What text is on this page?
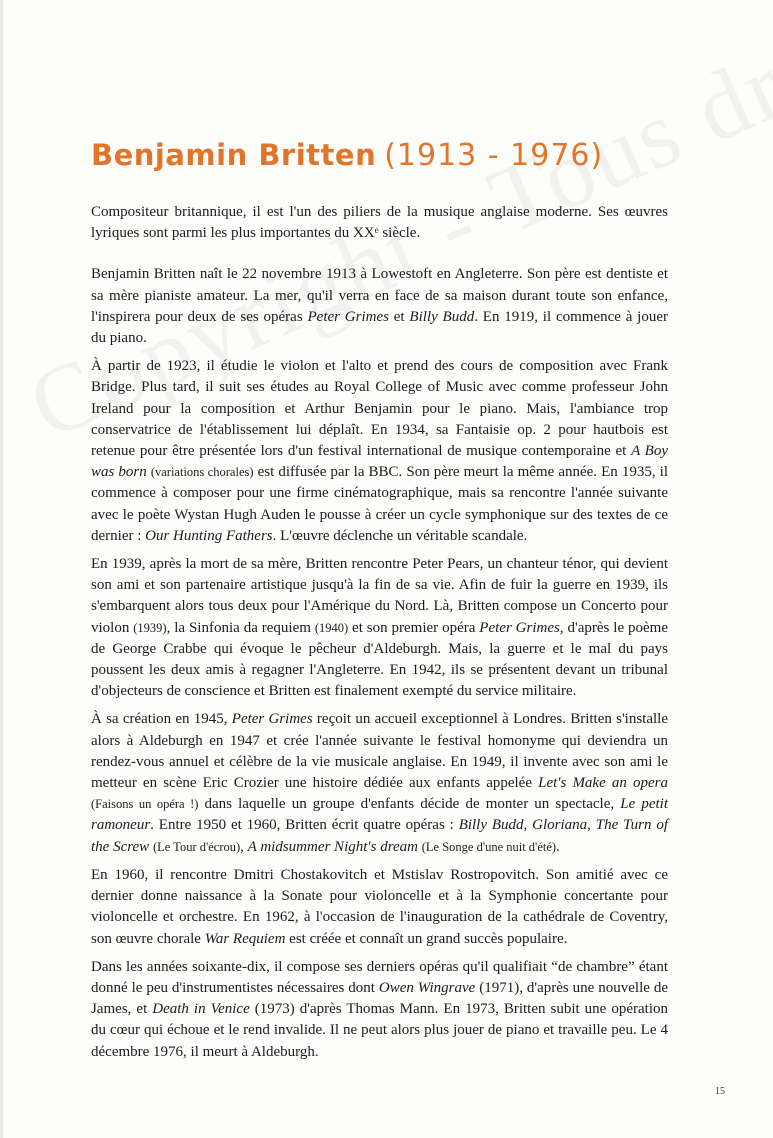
Benjamin Britten (1913 - 1976)

Compositeur britannique, il est l'un des piliers de la musique anglaise moderne. Ses œuvres lyriques sont parmi les plus importantes du XXᵉ siècle.

Benjamin Britten naît le 22 novembre 1913 à Lowestoft en Angleterre. Son père est dentiste et sa mère pianiste amateur. La mer, qu'il verra en face de sa maison durant toute son enfance, l'inspirera pour deux de ses opéras Peter Grimes et Billy Budd. En 1919, il commence à jouer du piano.

À partir de 1923, il étudie le violon et l'alto et prend des cours de composition avec Frank Bridge. Plus tard, il suit ses études au Royal College of Music avec comme professeur John Ireland pour la composition et Arthur Benjamin pour le piano. Mais, l'ambiance trop conservatrice de l'établissement lui déplaît. En 1934, sa Fantaisie op. 2 pour hautbois est retenue pour être présentée lors d'un festival international de musique contemporaine et A Boy was born (variations chorales) est diffusée par la BBC. Son père meurt la même année. En 1935, il commence à composer pour une firme cinématographique, mais sa rencontre l'année suivante avec le poète Wystan Hugh Auden le pousse à créer un cycle symphonique sur des textes de ce dernier : Our Hunting Fathers. L'œuvre déclenche un véritable scandale.

En 1939, après la mort de sa mère, Britten rencontre Peter Pears, un chanteur ténor, qui devient son ami et son partenaire artistique jusqu'à la fin de sa vie. Afin de fuir la guerre en 1939, ils s'embarquent alors tous deux pour l'Amérique du Nord. Là, Britten compose un Concerto pour violon (1939), la Sinfonia da requiem (1940) et son premier opéra Peter Grimes, d'après le poème de George Crabbe qui évoque le pêcheur d'Aldeburgh. Mais, la guerre et le mal du pays poussent les deux amis à regagner l'Angleterre. En 1942, ils se présentent devant un tribunal d'objecteurs de conscience et Britten est finalement exempté du service militaire.

À sa création en 1945, Peter Grimes reçoit un accueil exceptionnel à Londres. Britten s'installe alors à Aldeburgh en 1947 et crée l'année suivante le festival homonyme qui deviendra un rendez-vous annuel et célèbre de la vie musicale anglaise. En 1949, il invente avec son ami le metteur en scène Eric Crozier une histoire dédiée aux enfants appelée Let's Make an opera (Faisons un opéra !) dans laquelle un groupe d'enfants décide de monter un spectacle, Le petit ramoneur. Entre 1950 et 1960, Britten écrit quatre opéras : Billy Budd, Gloriana, The Turn of the Screw (Le Tour d'écrou), A midsummer Night's dream (Le Songe d'une nuit d'été).

En 1960, il rencontre Dmitri Chostakovitch et Mstislav Rostropovitch. Son amitié avec ce dernier donne naissance à la Sonate pour violoncelle et à la Symphonie concertante pour violoncelle et orchestre. En 1962, à l'occasion de l'inauguration de la cathédrale de Coventry, son œuvre chorale War Requiem est créée et connaît un grand succès populaire.

Dans les années soixante-dix, il compose ses derniers opéras qu'il qualifiait “de chambre” étant donné le peu d'instrumentistes nécessaires dont Owen Wingrave (1971), d'après une nouvelle de James, et Death in Venice (1973) d'après Thomas Mann. En 1973, Britten subit une opération du cœur qui échoue et le rend invalide. Il ne peut alors plus jouer de piano et travaille peu. Le 4 décembre 1976, il meurt à Aldeburgh.

15
